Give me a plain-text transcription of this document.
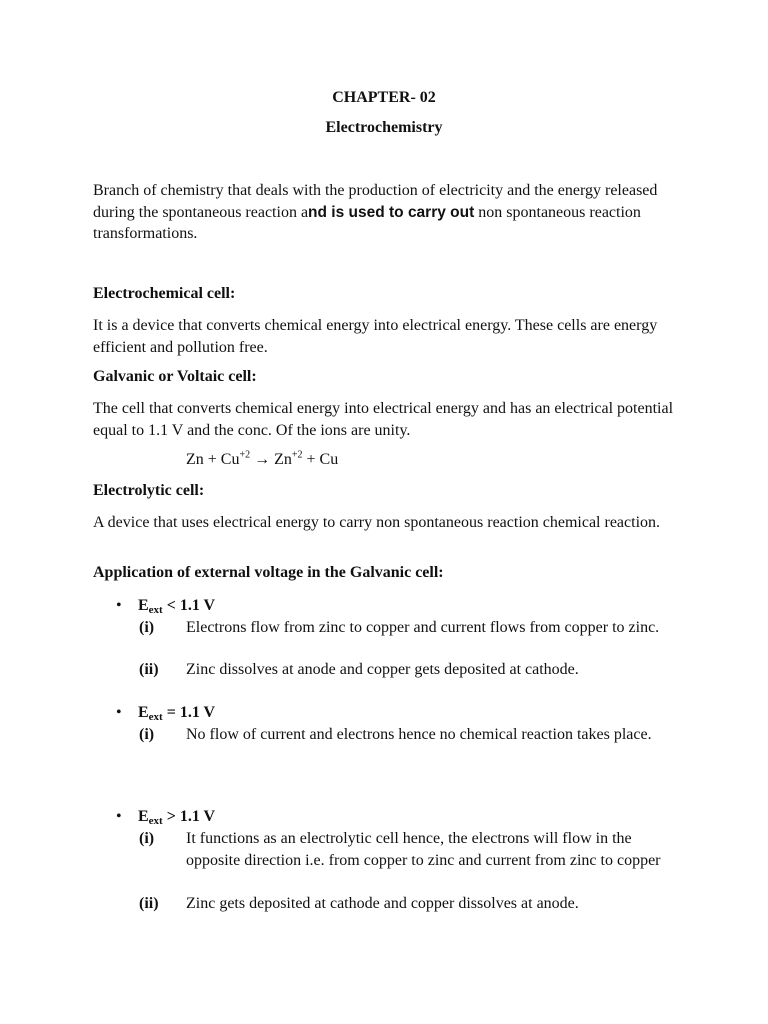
CHAPTER- 02
Electrochemistry

Branch of chemistry that deals with the production of electricity and the energy released during the spontaneous reaction and is used to carry out non spontaneous reaction transformations.

Electrochemical cell:

It is a device that converts chemical energy into electrical energy. These cells are energy efficient and pollution free.

Galvanic or Voltaic cell:

The cell that converts chemical energy into electrical energy and has an electrical potential equal to 1.1 V and the conc. Of the ions are unity.

$Zn + Cu^{+2} \to Zn^{+2} + Cu$
Electrolytic cell:

A device that uses electrical energy to carry non spontaneous reaction chemical reaction.

Application of external voltage in the Galvanic cell:
• $E_{ext} < 1.1$ V
(i) Electrons flow from zinc to copper and current flows from copper to zinc.
(ii) Zinc dissolves at anode and copper gets deposited at cathode.
• $E_{ext} = 1.1$ V
(i) No flow of current and electrons hence no chemical reaction takes place.
• $E_{ext} > 1.1$ V
(i) It functions as an electrolytic cell hence, the electrons will flow in the opposite direction i.e. from copper to zinc and current from zinc to copper
(ii) Zinc gets deposited at cathode and copper dissolves at anode.
